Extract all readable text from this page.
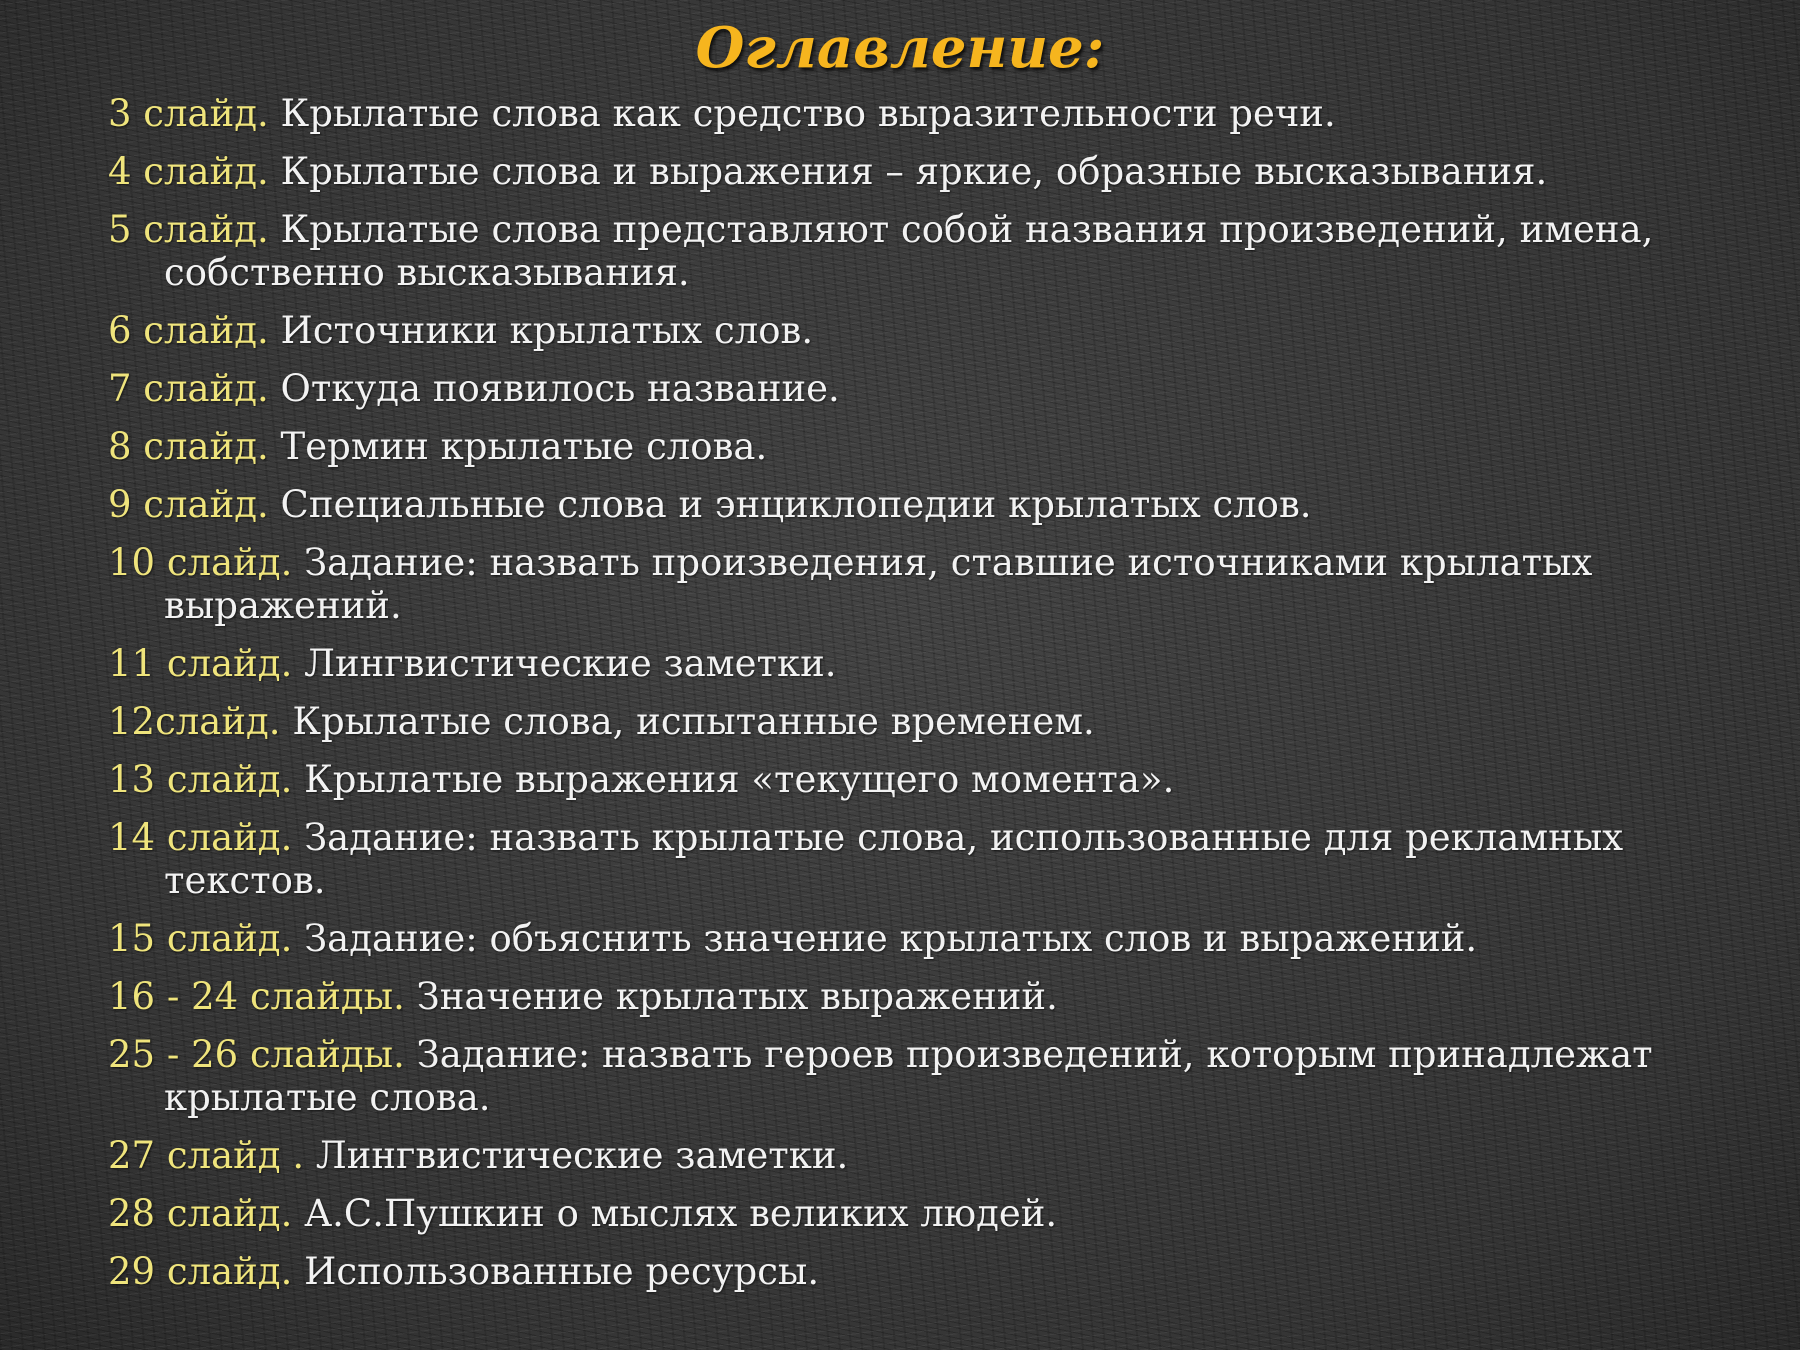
Оглавление:
3 слайд. Крылатые слова как средство выразительности речи.
4 слайд. Крылатые слова и выражения – яркие, образные высказывания.
5 слайд. Крылатые слова представляют собой названия произведений, имена, собственно высказывания.
6 слайд. Источники крылатых слов.
7 слайд. Откуда появилось название.
8 слайд. Термин крылатые слова.
9 слайд. Специальные слова и энциклопедии крылатых слов.
10 слайд. Задание: назвать произведения, ставшие источниками крылатых выражений.
11 слайд. Лингвистические заметки.
12слайд. Крылатые слова, испытанные временем.
13 слайд. Крылатые выражения «текущего момента».
14 слайд. Задание: назвать крылатые слова, использованные для рекламных текстов.
15 слайд. Задание: объяснить значение крылатых слов и выражений.
16 - 24 слайды. Значение крылатых выражений.
25 - 26 слайды. Задание: назвать героев произведений, которым принадлежат крылатые слова.
27 слайд . Лингвистические заметки.
28 слайд. А.С.Пушкин о мыслях великих людей.
29 слайд. Использованные ресурсы.
